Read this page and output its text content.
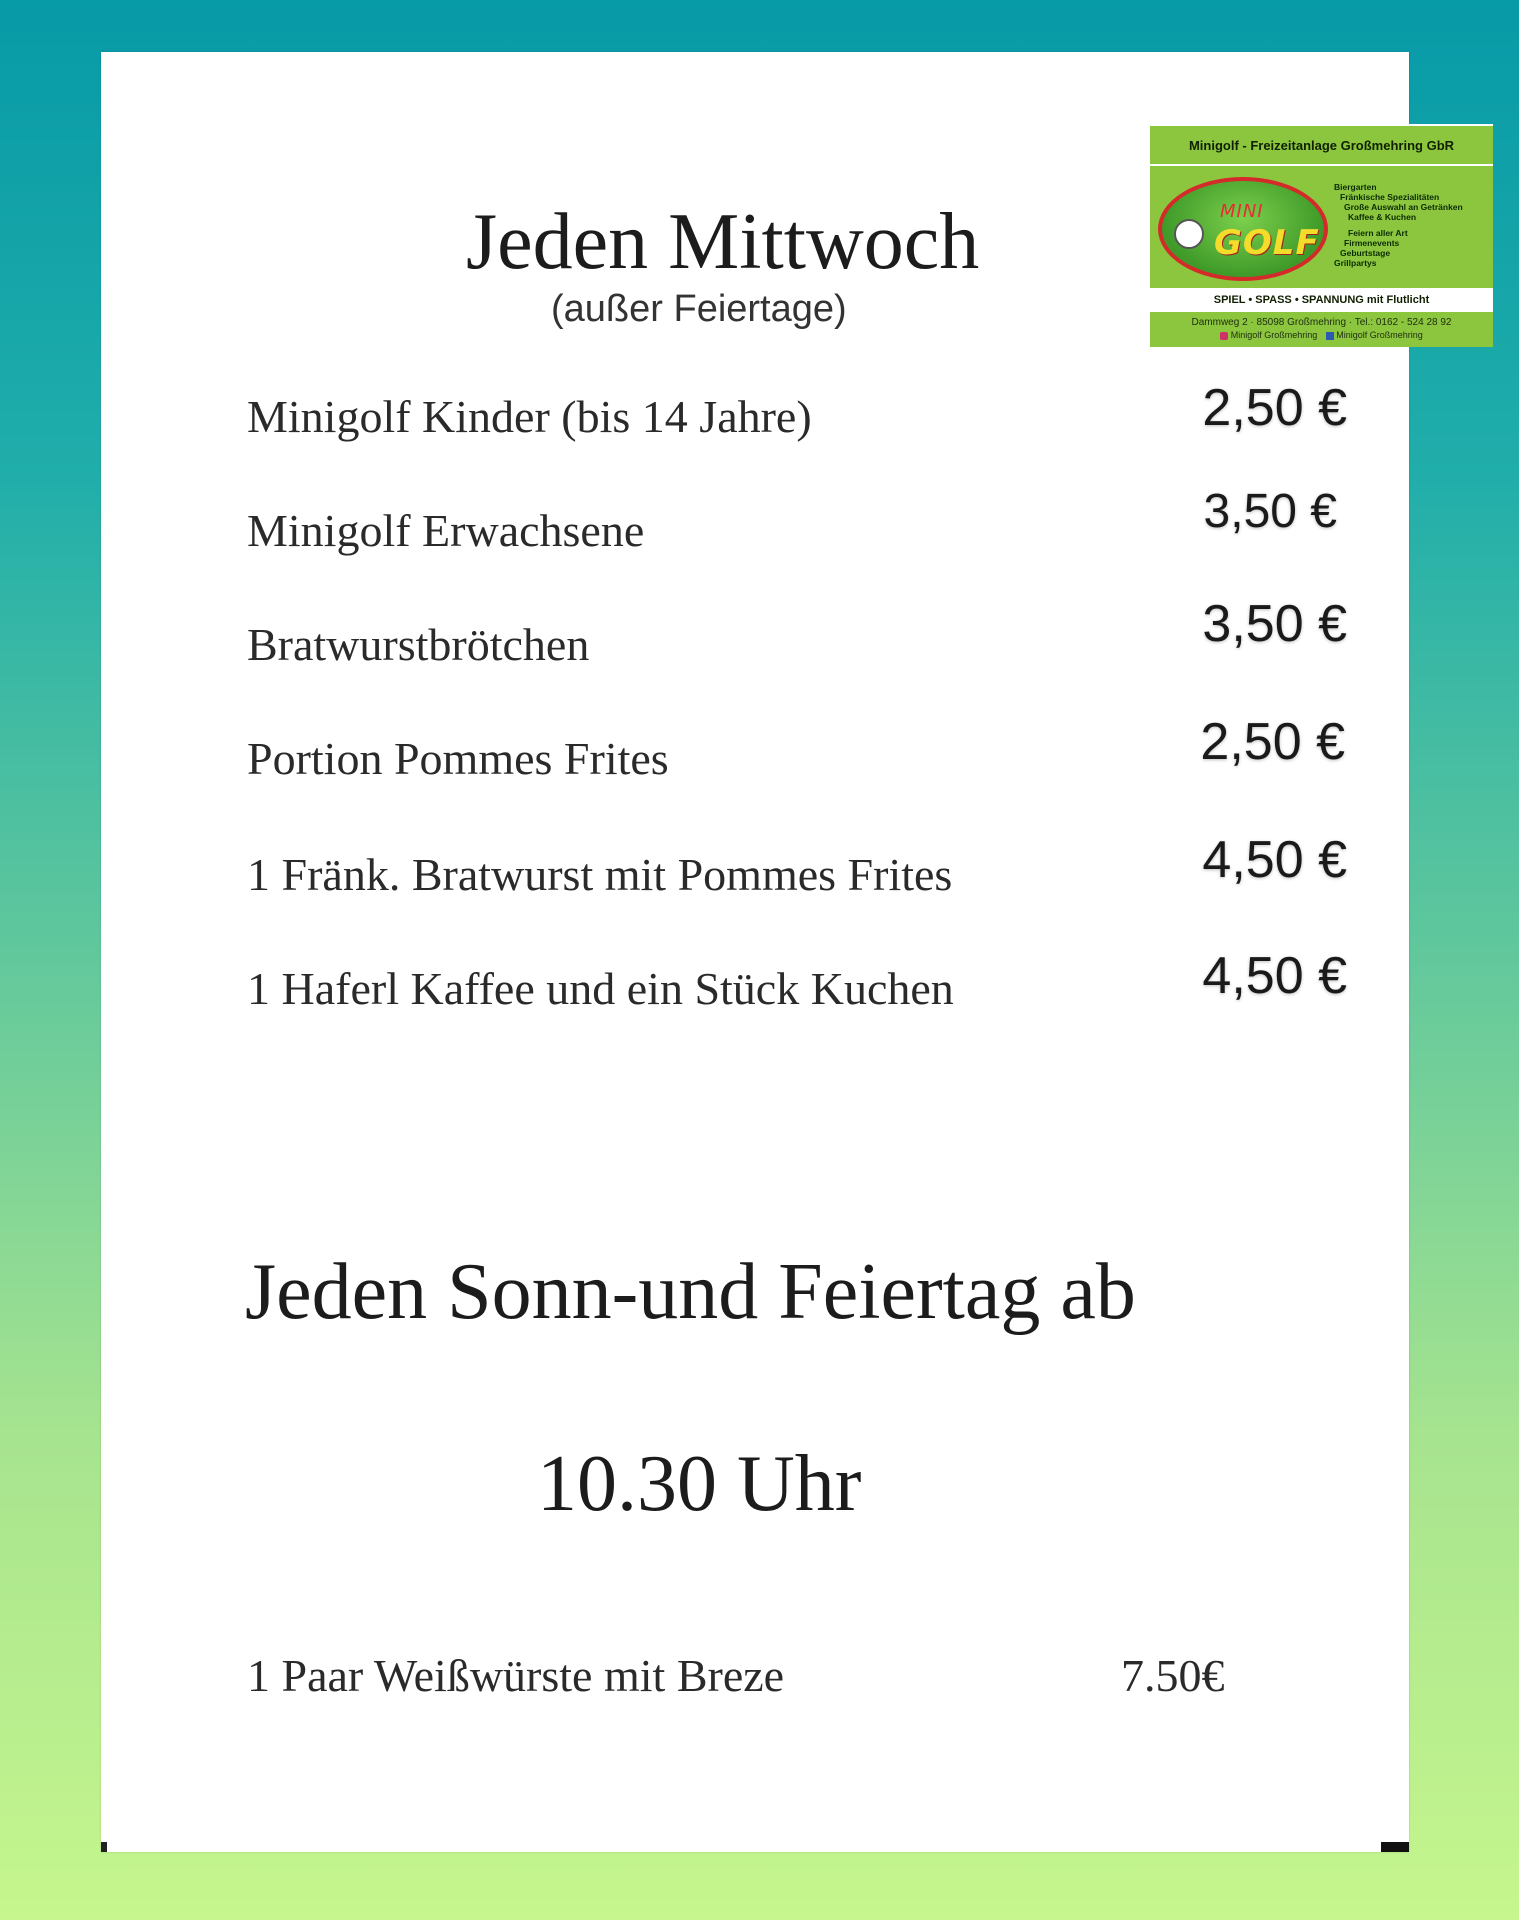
Minigolf - Freizeitanlage Großmehring GbR
MINI
GOLF
Biergarten
Fränkische Spezialitäten
Große Auswahl an Getränken
Kaffee & Kuchen
Feiern aller Art
Firmenevents
Geburtstage
Grillpartys
SPIEL • SPASS • SPANNUNG mit Flutlicht
Dammweg 2 · 85098 Großmehring · Tel.: 0162 - 524 28 92
Minigolf Großmehring Minigolf Großmehring
Jeden Mittwoch
(außer Feiertage)
Minigolf Kinder (bis 14 Jahre)	2,50 €
Minigolf Erwachsene	3,50 €
Bratwurstbrötchen	3,50 €
Portion Pommes Frites	2,50 €
1 Fränk. Bratwurst mit Pommes Frites	4,50 €
1 Haferl Kaffee und ein Stück Kuchen	4,50 €
Jeden Sonn-und Feiertag ab
10.30 Uhr
1 Paar Weißwürste mit Breze	7.50€
